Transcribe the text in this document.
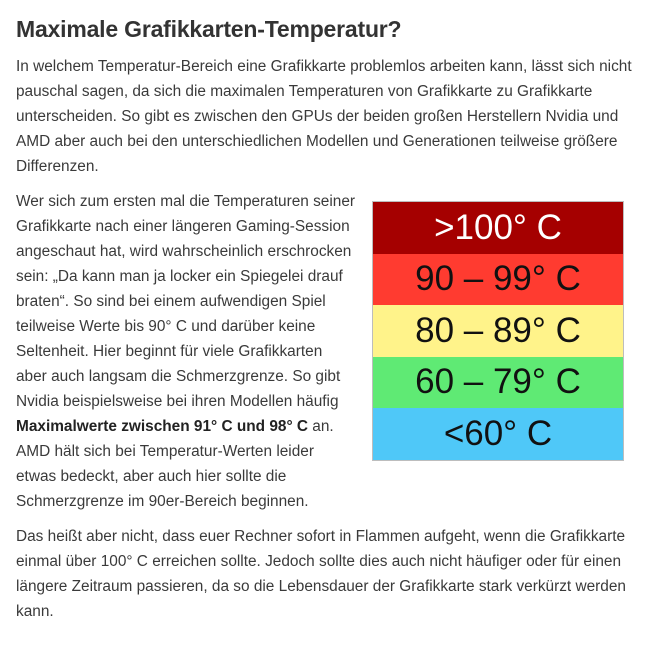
Maximale Grafikkarten-Temperatur?

In welchem Temperatur-Bereich eine Grafikkarte problemlos arbeiten kann, lässt sich nicht pauschal sagen, da sich die maximalen Temperaturen von Grafikkarte zu Grafikkarte unterscheiden. So gibt es zwischen den GPUs der beiden großen Herstellern Nvidia und AMD aber auch bei den unterschiedlichen Modellen und Generationen teilweise größere Differenzen.

>100° C
90 – 99° C
80 – 89° C
60 – 79° C
<60° C

Wer sich zum ersten mal die Temperaturen seiner Grafikkarte nach einer längeren Gaming-Session angeschaut hat, wird wahrscheinlich erschrocken sein: „Da kann man ja locker ein Spiegelei drauf braten“. So sind bei einem aufwendigen Spiel teilweise Werte bis 90° C und darüber keine Seltenheit. Hier beginnt für viele Grafikkarten aber auch langsam die Schmerzgrenze. So gibt Nvidia beispielsweise bei ihren Modellen häufig Maximalwerte zwischen 91° C und 98° C an. AMD hält sich bei Temperatur-Werten leider etwas bedeckt, aber auch hier sollte die Schmerzgrenze im 90er-Bereich beginnen.

Das heißt aber nicht, dass euer Rechner sofort in Flammen aufgeht, wenn die Grafikkarte einmal über 100° C erreichen sollte. Jedoch sollte dies auch nicht häufiger oder für einen längere Zeitraum passieren, da so die Lebensdauer der Grafikkarte stark verkürzt werden kann.
